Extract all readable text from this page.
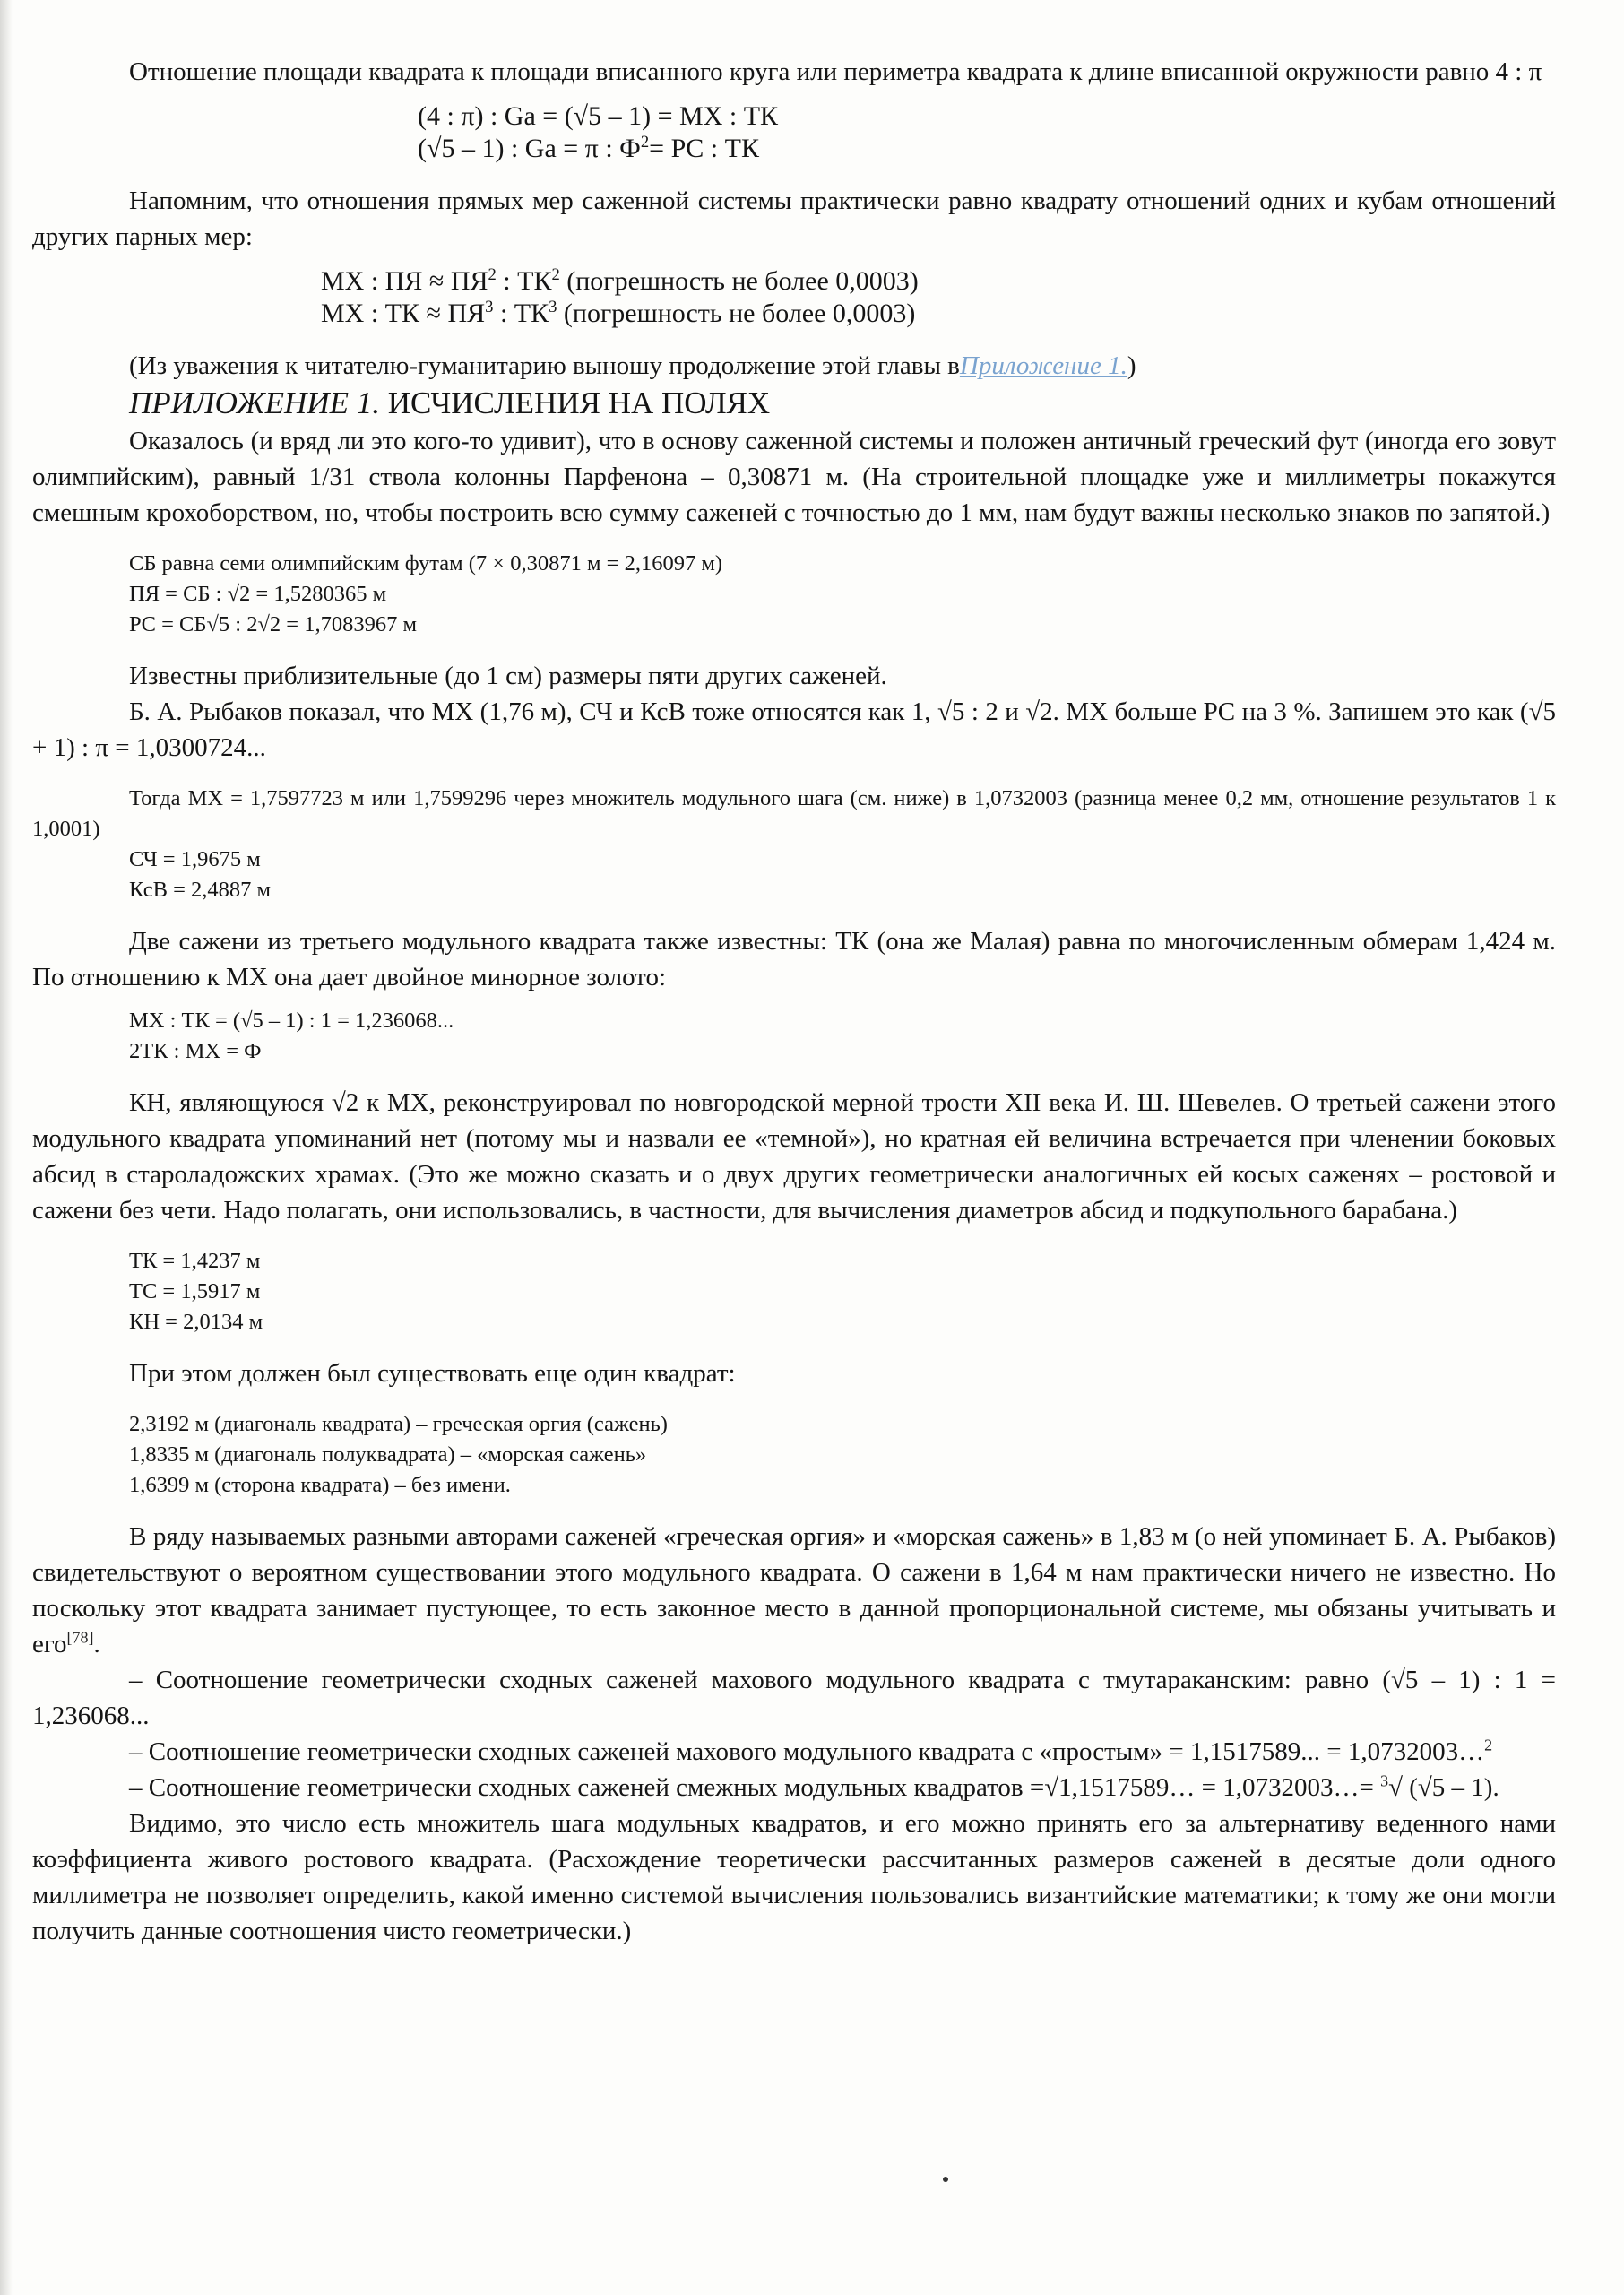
Отношение площади квадрата к площади вписанного круга или периметра квадрата к длине вписанной окружности равно 4 : π

(4 : π) : Ga = (√5 – 1) = МХ : ТК

(√5 – 1) : Ga = π : $Ф^2=$ PC : ТК

Напомним, что отношения прямых мер саженной системы практически равно квадрату отношений одних и кубам отношений других парных мер:

МХ : ПЯ ≈ $ПЯ^2$ : $ТК^2$ (погрешность не более 0,0003)

МХ : ТК ≈ $ПЯ^3$ : $ТК^3$ (погрешность не более 0,0003)

(Из уважения к читателю-гуманитарию выношу продолжение этой главы вПриложение 1.)

ПРИЛОЖЕНИЕ 1. ИСЧИСЛЕНИЯ НА ПОЛЯХ

Оказалось (и вряд ли это кого-то удивит), что в основу саженной системы и положен античный греческий фут (иногда его зовут олимпийским), равный 1/31 ствола колонны Парфенона – 0,30871 м. (На строительной площадке уже и миллиметры покажутся смешным крохоборством, но, чтобы построить всю сумму саженей с точностью до 1 мм, нам будут важны несколько знаков по запятой.)

СБ равна семи олимпийским футам (7 × 0,30871 м = 2,16097 м)

ПЯ = СБ : √2 = 1,5280365 м

PC = СБ√5 : 2√2 = 1,7083967 м

Известны приблизительные (до 1 см) размеры пяти других саженей.

Б. А. Рыбаков показал, что МХ (1,76 м), СЧ и КсВ тоже относятся как 1, √5 : 2 и √2. МХ больше PC на 3 %. Запишем это как (√5 + 1) : π = 1,0300724...

Тогда МХ = 1,7597723 м или 1,7599296 через множитель модульного шага (см. ниже) в 1,0732003 (разница менее 0,2 мм, отношение результатов 1 к 1,0001)

СЧ = 1,9675 м

КсВ = 2,4887 м

Две сажени из третьего модульного квадрата также известны: ТК (она же Малая) равна по многочисленным обмерам 1,424 м. По отношению к МХ она дает двойное минорное золото:

МХ : ТК = (√5 – 1) : 1 = 1,236068...

2ТК : МХ = Ф

КН, являющуюся √2 к МХ, реконструировал по новгородской мерной трости XII века И. Ш. Шевелев. О третьей сажени этого модульного квадрата упоминаний нет (потому мы и назвали ее «темной»), но кратная ей величина встречается при членении боковых абсид в староладожских храмах. (Это же можно сказать и о двух других геометрически аналогичных ей косых саженях – ростовой и сажени без чети. Надо полагать, они использовались, в частности, для вычисления диаметров абсид и подкупольного барабана.)

ТК = 1,4237 м

ТС = 1,5917 м

КН = 2,0134 м

При этом должен был существовать еще один квадрат:

2,3192 м (диагональ квадрата) – греческая оргия (сажень)

1,8335 м (диагональ полуквадрата) – «морская сажень»

1,6399 м (сторона квадрата) – без имени.

В ряду называемых разными авторами саженей «греческая оргия» и «морская сажень» в 1,83 м (о ней упоминает Б. А. Рыбаков) свидетельствуют о вероятном существовании этого модульного квадрата. О сажени в 1,64 м нам практически ничего не известно. Но поскольку этот квадрата занимает пустующее, то есть законное место в данной пропорциональной системе, мы обязаны учитывать и его[78].

– Соотношение геометрически сходных саженей махового модульного квадрата с тмутараканским: равно (√5 – 1) : 1 = 1,236068...

– Соотношение геометрически сходных саженей махового модульного квадрата с «простым» = 1,1517589... = 1,0732003…$^2$

– Соотношение геометрически сходных саженей смежных модульных квадратов =√1,1517589… = 1,0732003…= $^3$√ (√5 – 1).

Видимо, это число есть множитель шага модульных квадратов, и его можно принять его за альтернативу веденного нами коэффициента живого ростового квадрата. (Расхождение теоретически рассчитанных размеров саженей в десятые доли одного миллиметра не позволяет определить, какой именно системой вычисления пользовались византийские математики; к тому же они могли получить данные соотношения чисто геометрически.)
